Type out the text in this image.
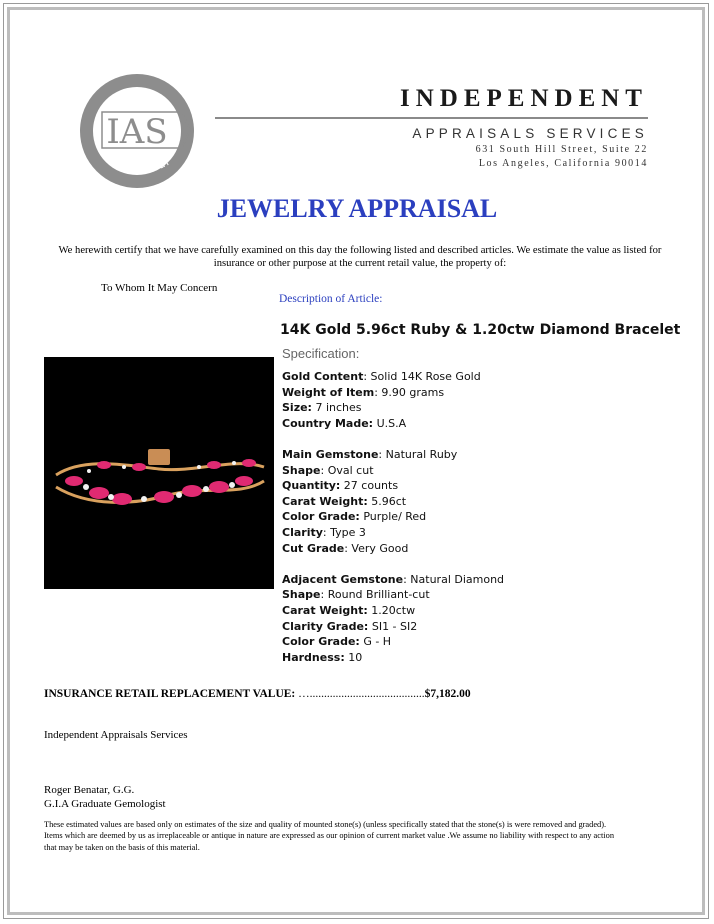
IAS
Appraisal
INDEPENDENT
APPRAISALS SERVICES
631 South Hill Street, Suite 22
Los Angeles, California 90014
JEWELRY APPRAISAL
We herewith certify that we have carefully examined on this day the following listed and described articles. We estimate the value as listed for insurance or other purpose at the current retail value, the property of:
To Whom It May Concern
Description of Article:
14K Gold 5.96ct Ruby & 1.20ctw Diamond Bracelet
Specification:
Gold Content: Solid 14K Rose Gold
Weight of Item: 9.90 grams
Size: 7 inches
Country Made: U.S.A
Main Gemstone: Natural Ruby
Shape: Oval cut
Quantity: 27 counts
Carat Weight: 5.96ct
Color Grade: Purple/ Red
Clarity: Type 3
Cut Grade: Very Good
Adjacent Gemstone: Natural Diamond
Shape: Round Brilliant-cut
Carat Weight: 1.20ctw
Clarity Grade: SI1 - SI2
Color Grade: G - H
Hardness: 10
INSURANCE RETAIL REPLACEMENT VALUE: …........................................$7,182.00
Independent Appraisals Services
Roger Benatar, G.G.
G.I.A Graduate Gemologist
These estimated values are based only on estimates of the size and quality of mounted stone(s) (unless specifically stated that the stone(s) is were removed and graded). Items which are deemed by us as irreplaceable or antique in nature are expressed as our opinion of current market value .We assume no liability with respect to any action that may be taken on the basis of this material.
